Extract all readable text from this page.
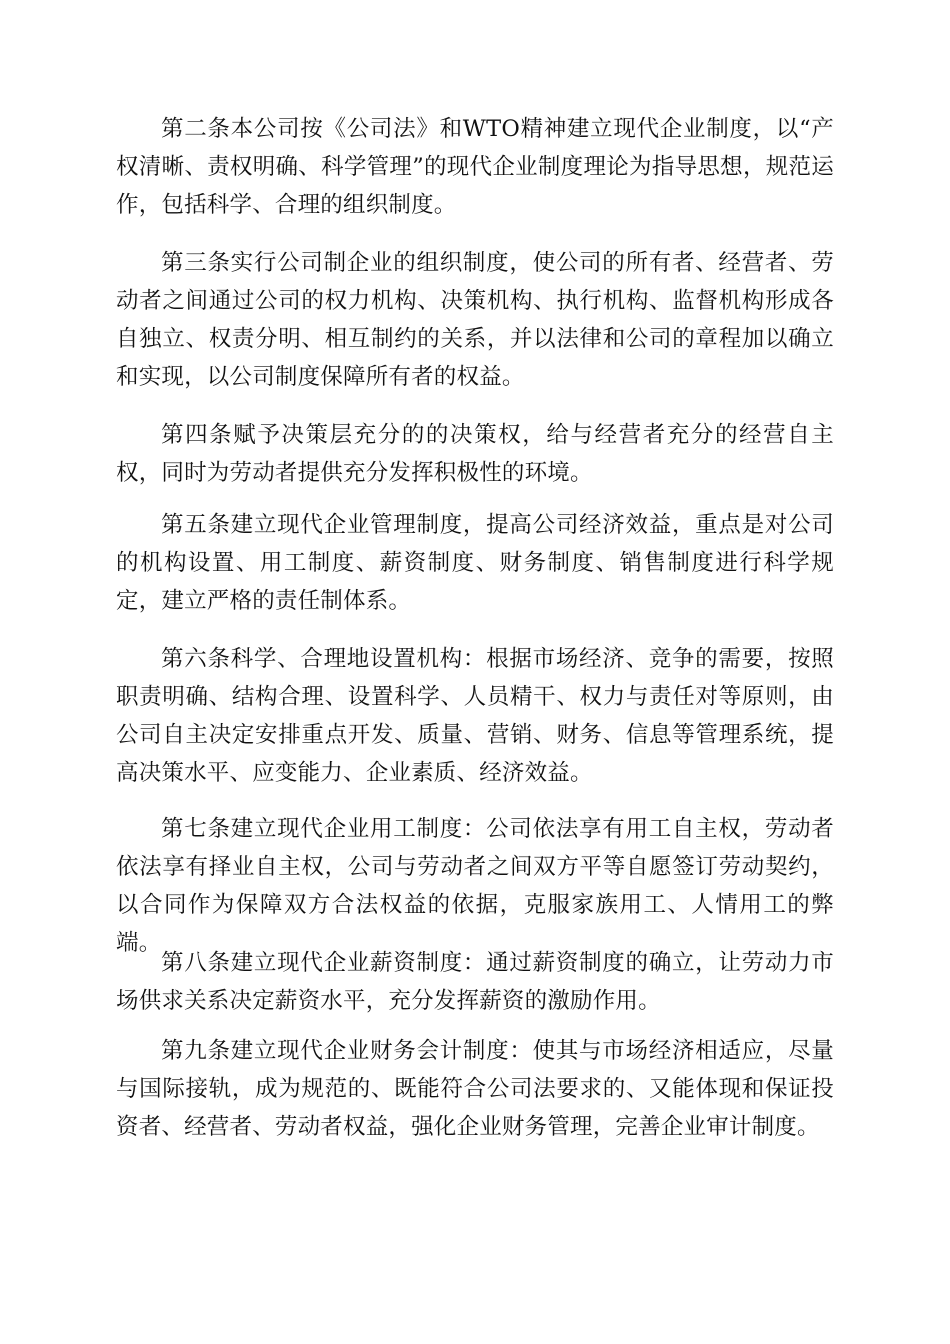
第二条本公司按《公司法》和WTO精神建立现代企业制度，以“产权清晰、责权明确、科学管理”的现代企业制度理论为指导思想，规范运作，包括科学、合理的组织制度。

第三条实行公司制企业的组织制度，使公司的所有者、经营者、劳动者之间通过公司的权力机构、决策机构、执行机构、监督机构形成各自独立、权责分明、相互制约的关系，并以法律和公司的章程加以确立和实现，以公司制度保障所有者的权益。

第四条赋予决策层充分的的决策权，给与经营者充分的经营自主权，同时为劳动者提供充分发挥积极性的环境。

第五条建立现代企业管理制度，提高公司经济效益，重点是对公司的机构设置、用工制度、薪资制度、财务制度、销售制度进行科学规定，建立严格的责任制体系。

第六条科学、合理地设置机构：根据市场经济、竞争的需要，按照职责明确、结构合理、设置科学、人员精干、权力与责任对等原则，由公司自主决定安排重点开发、质量、营销、财务、信息等管理系统，提高决策水平、应变能力、企业素质、经济效益。

第七条建立现代企业用工制度：公司依法享有用工自主权，劳动者依法享有择业自主权，公司与劳动者之间双方平等自愿签订劳动契约，以合同作为保障双方合法权益的依据，克服家族用工、人情用工的弊端。

第八条建立现代企业薪资制度：通过薪资制度的确立，让劳动力市场供求关系决定薪资水平，充分发挥薪资的激励作用。

第九条建立现代企业财务会计制度：使其与市场经济相适应，尽量与国际接轨，成为规范的、既能符合公司法要求的、又能体现和保证投资者、经营者、劳动者权益，强化企业财务管理，完善企业审计制度。
